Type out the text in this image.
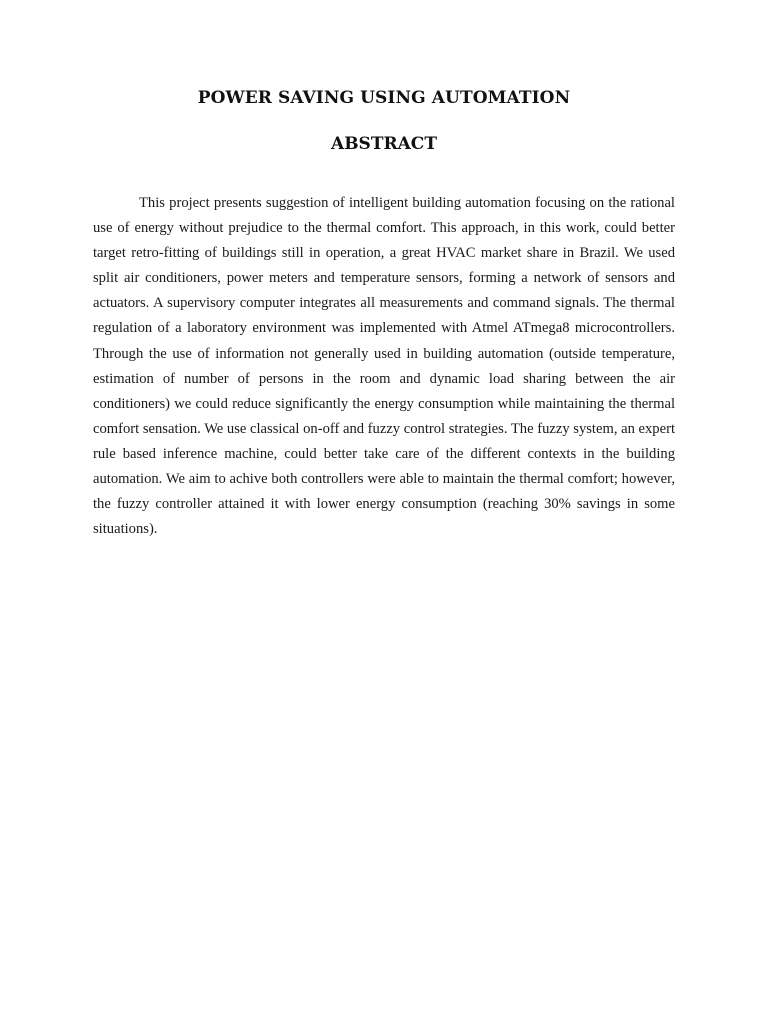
POWER SAVING USING AUTOMATION
ABSTRACT

This project presents suggestion of intelligent building automation focusing on the rational use of energy without prejudice to the thermal comfort. This approach, in this work, could better target retro-fitting of buildings still in operation, a great HVAC market share in Brazil. We used split air conditioners, power meters and temperature sensors, forming a network of sensors and actuators. A supervisory computer integrates all measurements and command signals. The thermal regulation of a laboratory environment was implemented with Atmel ATmega8 microcontrollers. Through the use of information not generally used in building automation (outside temperature, estimation of number of persons in the room and dynamic load sharing between the air conditioners) we could reduce significantly the energy consumption while maintaining the thermal comfort sensation. We use classical on-off and fuzzy control strategies. The fuzzy system, an expert rule based inference machine, could better take care of the different contexts in the building automation. We aim to achive both controllers were able to maintain the thermal comfort; however, the fuzzy controller attained it with lower energy consumption (reaching 30% savings in some situations).
